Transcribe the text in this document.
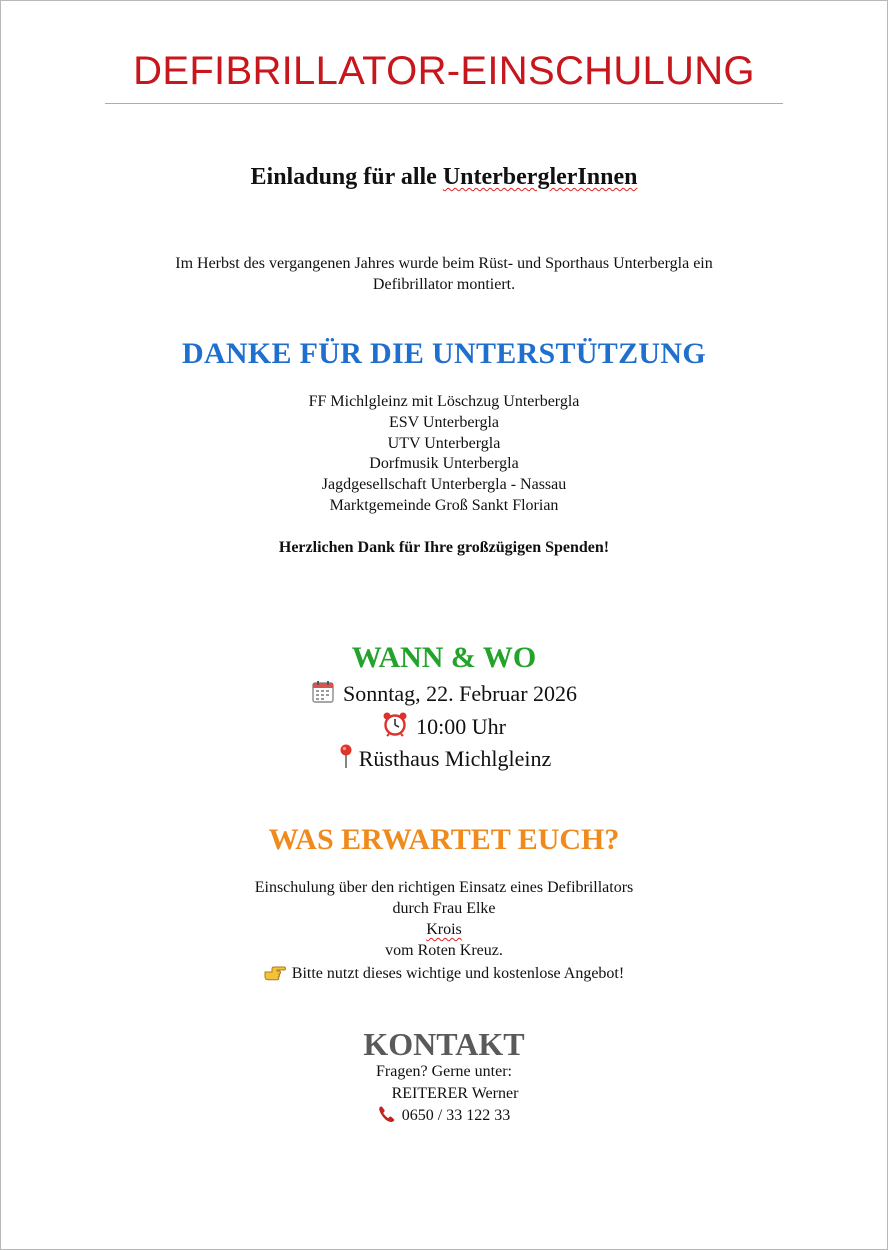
DEFIBRILLATOR-EINSCHULUNG
Einladung für alle UnterberglerInnen
Im Herbst des vergangenen Jahres wurde beim Rüst- und Sporthaus Unterbergla ein
Defibrillator montiert.
DANKE FÜR DIE UNTERSTÜTZUNG
FF Michlgleinz mit Löschzug Unterbergla
ESV Unterbergla
UTV Unterbergla
Dorfmusik Unterbergla
Jagdgesellschaft Unterbergla - Nassau
Marktgemeinde Groß Sankt Florian
Herzlichen Dank für Ihre großzügigen Spenden!
WANN & WO
Sonntag, 22. Februar 2026
10:00 Uhr
Rüsthaus Michlgleinz
WAS ERWARTET EUCH?
Einschulung über den richtigen Einsatz eines Defibrillators
durch Frau Elke
Krois
vom Roten Kreuz.
Bitte nutzt dieses wichtige und kostenlose Angebot!
KONTAKT
Fragen? Gerne unter:
REITERER Werner
0650 / 33 122 33
